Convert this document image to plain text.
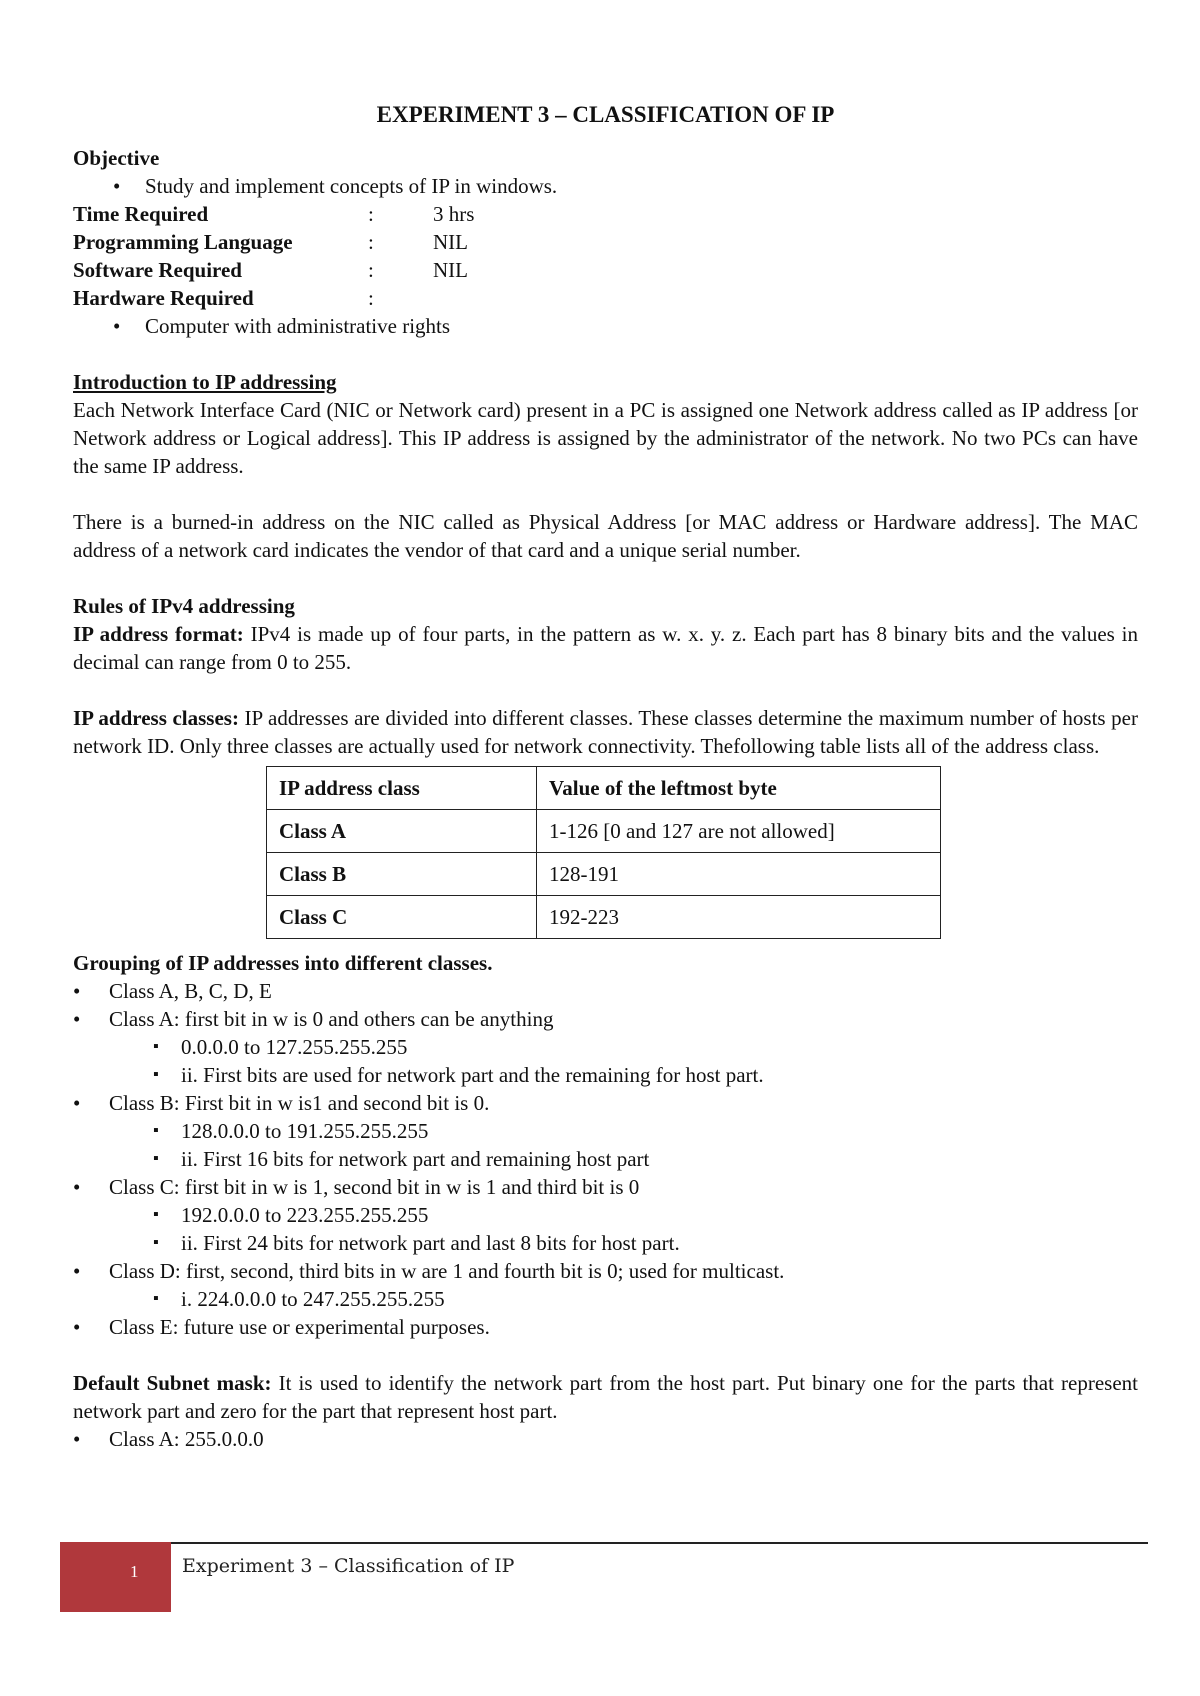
EXPERIMENT 3 – CLASSIFICATION OF IP
Objective
• Study and implement concepts of IP in windows.
Time Required	:	3 hrs
Programming Language	:	NIL
Software Required	:	NIL
Hardware Required	:
• Computer with administrative rights
Introduction to IP addressing

Each Network Interface Card (NIC or Network card) present in a PC is assigned one Network address called as IP address [or Network address or Logical address]. This IP address is assigned by the administrator of the network. No two PCs can have the same IP address.

There is a burned-in address on the NIC called as Physical Address [or MAC address or Hardware address]. The MAC address of a network card indicates the vendor of that card and a unique serial number.

Rules of IPv4 addressing

IP address format: IPv4 is made up of four parts, in the pattern as w. x. y. z. Each part has 8 binary bits and the values in decimal can range from 0 to 255.

IP address classes: IP addresses are divided into different classes. These classes determine the maximum number of hosts per network ID. Only three classes are actually used for network connectivity. Thefollowing table lists all of the address class.

IP address class	Value of the leftmost byte
Class A	1-126 [0 and 127 are not allowed]
Class B	128-191
Class C	192-223
Grouping of IP addresses into different classes.
• Class A, B, C, D, E
• Class A: first bit in w is 0 and others can be anything
▪ 0.0.0.0 to 127.255.255.255
▪ ii. First bits are used for network part and the remaining for host part.
• Class B: First bit in w is1 and second bit is 0.
▪ 128.0.0.0 to 191.255.255.255
▪ ii. First 16 bits for network part and remaining host part
• Class C: first bit in w is 1, second bit in w is 1 and third bit is 0
▪ 192.0.0.0 to 223.255.255.255
▪ ii. First 24 bits for network part and last 8 bits for host part.
• Class D: first, second, third bits in w are 1 and fourth bit is 0; used for multicast.
▪ i. 224.0.0.0 to 247.255.255.255
• Class E: future use or experimental purposes.

Default Subnet mask: It is used to identify the network part from the host part. Put binary one for the parts that represent network part and zero for the part that represent host part.

• Class A: 255.0.0.0
1 Experiment 3 – Classification of IP
